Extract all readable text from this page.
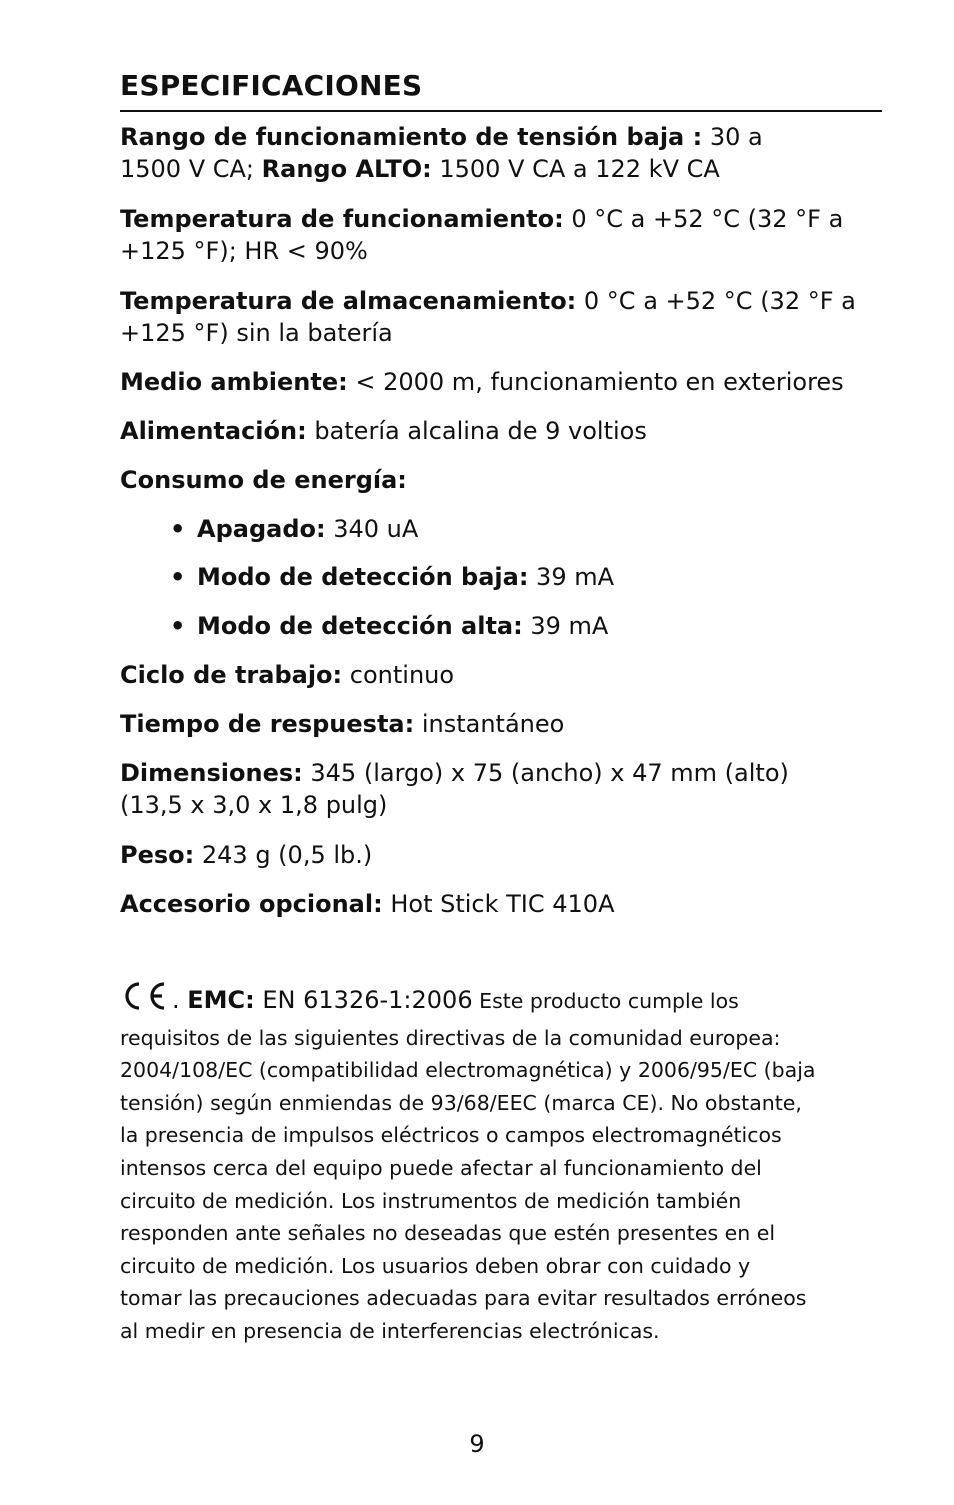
ESPECIFICACIONES

Rango de funcionamiento de tensión baja : 30 a
1500 V CA; Rango ALTO: 1500 V CA a 122 kV CA

Temperatura de funcionamiento: 0 °C a +52 °C (32 °F a
+125 °F); HR < 90%

Temperatura de almacenamiento: 0 °C a +52 °C (32 °F a
+125 °F) sin la batería

Medio ambiente: < 2000 m, funcionamiento en exteriores

Alimentación: batería alcalina de 9 voltios

Consumo de energía:

• Apagado: 340 uA
• Modo de detección baja: 39 mA
• Modo de detección alta: 39 mA

Ciclo de trabajo: continuo

Tiempo de respuesta: instantáneo

Dimensiones: 345 (largo) x 75 (ancho) x 47 mm (alto)
(13,5 x 3,0 x 1,8 pulg)

Peso: 243 g (0,5 lb.)

Accesorio opcional: Hot Stick TIC 410A

. EMC: EN 61326-1:2006 Este producto cumple los
requisitos de las siguientes directivas de la comunidad europea:
2004/108/EC (compatibilidad electromagnética) y 2006/95/EC (baja
tensión) según enmiendas de 93/68/EEC (marca CE). No obstante,
la presencia de impulsos eléctricos o campos electromagnéticos
intensos cerca del equipo puede afectar al funcionamiento del
circuito de medición. Los instrumentos de medición también
responden ante señales no deseadas que estén presentes en el
circuito de medición. Los usuarios deben obrar con cuidado y
tomar las precauciones adecuadas para evitar resultados erróneos
al medir en presencia de interferencias electrónicas.
9
